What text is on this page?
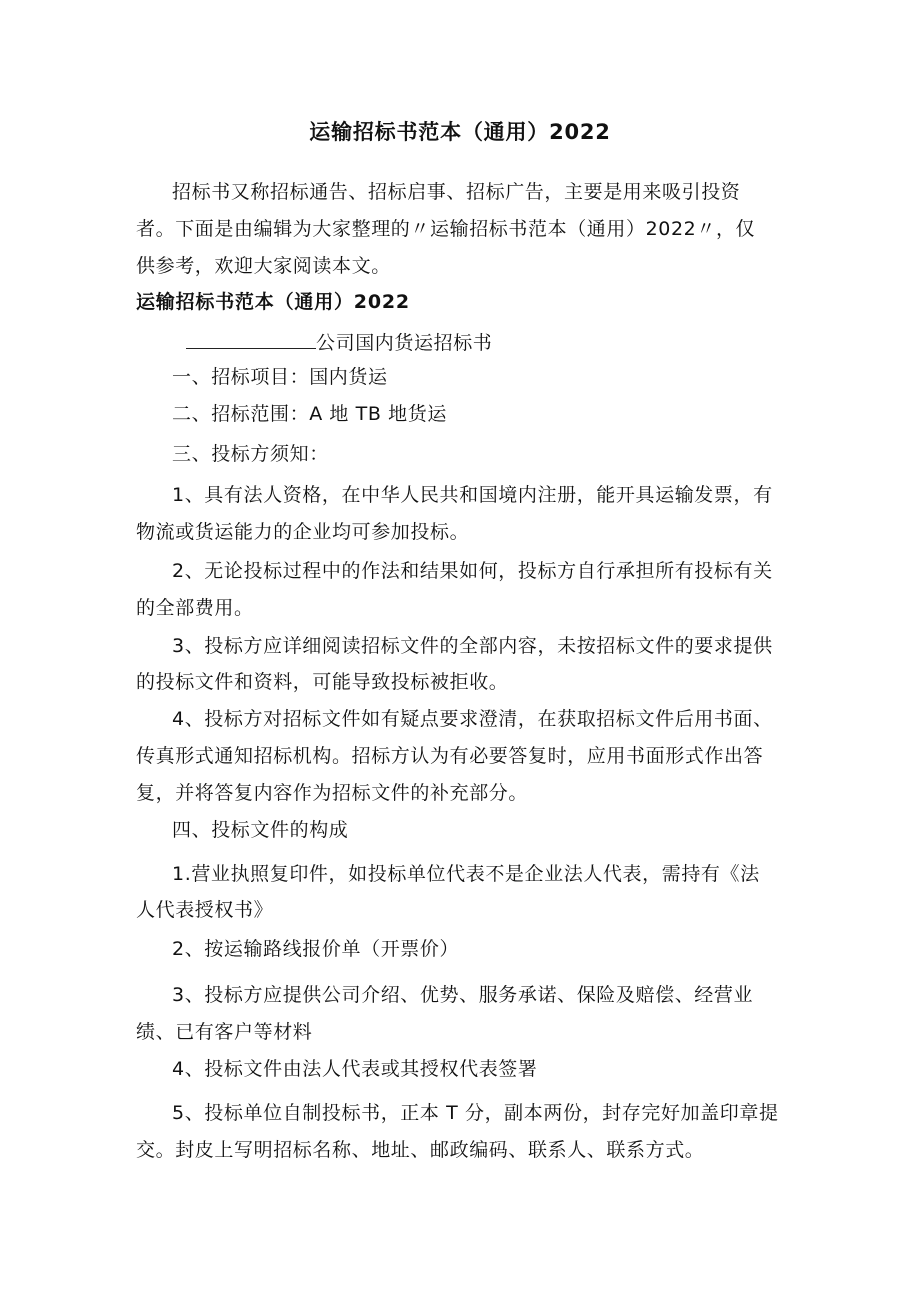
运输招标书范本（通用）2022
招标书又称招标通告、招标启事、招标广告，主要是用来吸引投资
者。下面是由编辑为大家整理的〃运输招标书范本（通用）2022〃，仅
供参考，欢迎大家阅读本文。
运输招标书范本（通用）2022
公司国内货运招标书
一、招标项目：国内货运
二、招标范围：A 地 TB 地货运
三、投标方须知：
1、具有法人资格，在中华人民共和国境内注册，能开具运输发票，有
物流或货运能力的企业均可参加投标。
2、无论投标过程中的作法和结果如何，投标方自行承担所有投标有关
的全部费用。
3、投标方应详细阅读招标文件的全部内容，未按招标文件的要求提供
的投标文件和资料，可能导致投标被拒收。
4、投标方对招标文件如有疑点要求澄清，在获取招标文件后用书面、
传真形式通知招标机构。招标方认为有必要答复时，应用书面形式作出答
复，并将答复内容作为招标文件的补充部分。
四、投标文件的构成
1.营业执照复印件，如投标单位代表不是企业法人代表，需持有《法
人代表授权书》
2、按运输路线报价单（开票价）
3、投标方应提供公司介绍、优势、服务承诺、保险及赔偿、经营业
绩、已有客户等材料
4、投标文件由法人代表或其授权代表签署
5、投标单位自制投标书，正本 T 分，副本两份，封存完好加盖印章提
交。封皮上写明招标名称、地址、邮政编码、联系人、联系方式。
